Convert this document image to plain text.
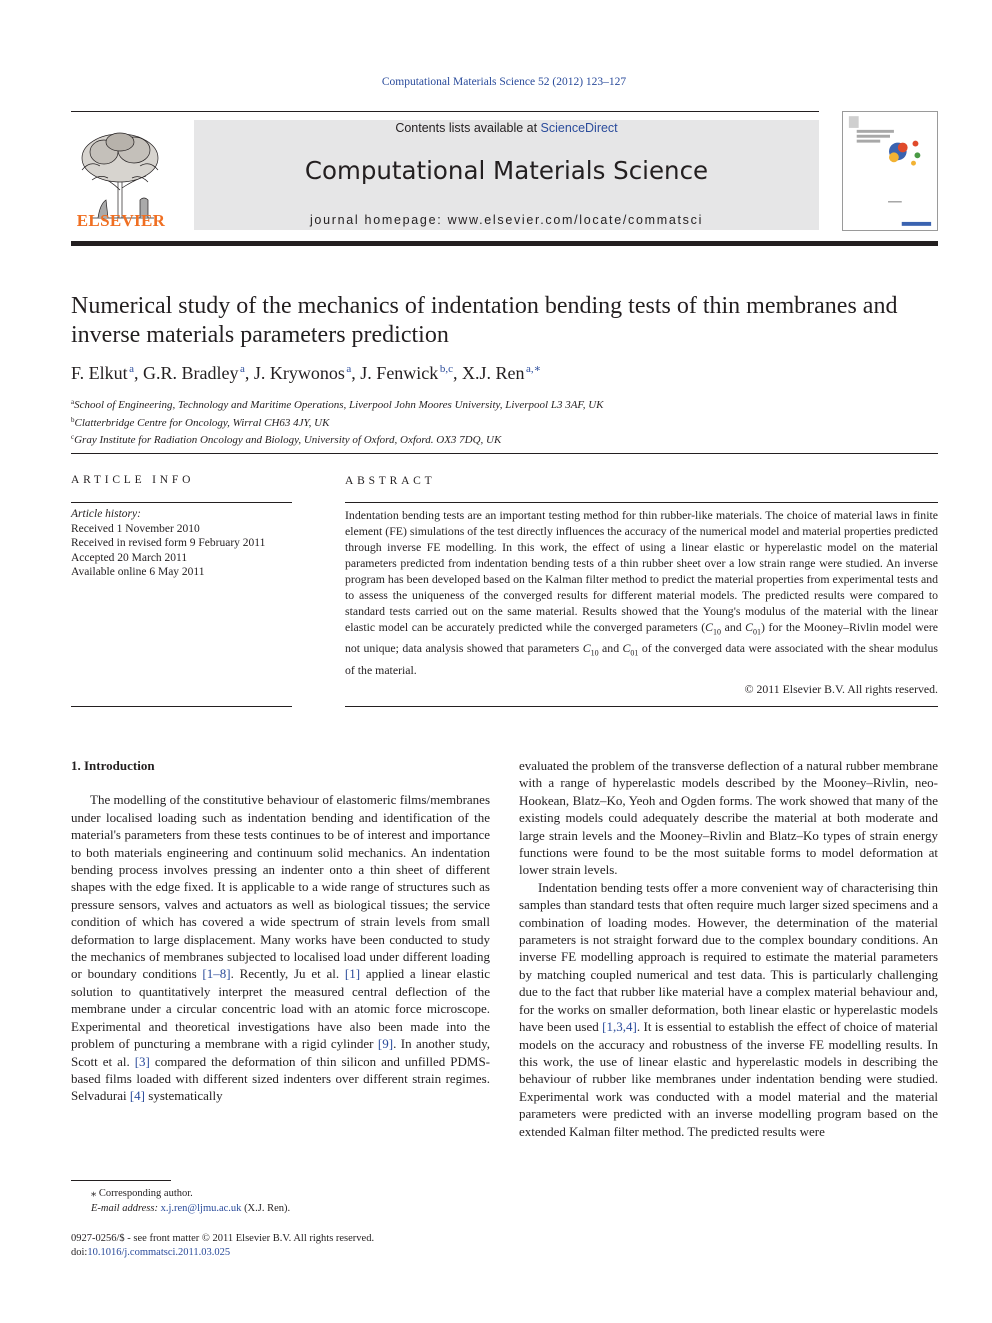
Computational Materials Science 52 (2012) 123–127
ELSEVIER
Contents lists available at ScienceDirect
Computational Materials Science
journal homepage: www.elsevier.com/locate/commatsci
Numerical study of the mechanics of indentation bending tests of thin membranes and inverse materials parameters prediction
F. Elkut  $^a$, G.R. Bradley  $^a$, J. Krywonos  $^a$, J. Fenwick  $^{b,c}$, X.J. Ren  $^{a,∗}$
$^a$School of Engineering, Technology and Maritime Operations, Liverpool John Moores University, Liverpool L3 3AF, UK
$^b$Clatterbridge Centre for Oncology, Wirral CH63 4JY, UK
$^c$Gray Institute for Radiation Oncology and Biology, University of Oxford, Oxford. OX3 7DQ, UK
ARTICLE INFO
Article history:
Received 1 November 2010
Received in revised form 9 February 2011
Accepted 20 March 2011
Available online 6 May 2011
ABSTRACT
Indentation bending tests are an important testing method for thin rubber-like materials. The choice of material laws in finite element (FE) simulations of the test directly influences the accuracy of the numerical model and material properties predicted through inverse FE modelling. In this work, the effect of using a linear elastic or hyperelastic model on the material parameters predicted from indentation bending tests of a thin rubber sheet over a low strain range were studied. An inverse program has been developed based on the Kalman filter method to predict the material properties from experimental tests and to assess the uniqueness of the converged results for different material models. The predicted results were compared to standard tests carried out on the same material. Results showed that the Young's modulus of the material with the linear elastic model can be accurately predicted while the converged parameters ($C_{10}$ and $C_{01}$) for the Mooney–Rivlin model were not unique; data analysis showed that parameters $C_{10}$ and $C_{01}$ of the converged data were associated with the shear modulus of the material.
© 2011 Elsevier B.V. All rights reserved.
1. Introduction

The modelling of the constitutive behaviour of elastomeric films/membranes under localised loading such as indentation bending and identification of the material's parameters from these tests continues to be of interest and importance to both materials engineering and continuum solid mechanics. An indentation bending process involves pressing an indenter onto a thin sheet of different shapes with the edge fixed. It is applicable to a wide range of structures such as pressure sensors, valves and actuators as well as biological tissues; the service condition of which has covered a wide spectrum of strain levels from small deformation to large displacement. Many works have been conducted to study the mechanics of membranes subjected to localised load under different loading or boundary conditions [1–8]. Recently, Ju et al. [1] applied a linear elastic solution to quantitatively interpret the measured central deflection of the membrane under a circular concentric load with an atomic force microscope. Experimental and theoretical investigations have also been made into the problem of puncturing a membrane with a rigid cylinder [9]. In another study, Scott et al. [3] compared the deformation of thin silicon and unfilled PDMS-based films loaded with different sized indenters over different strain regimes. Selvadurai [4] systematically

evaluated the problem of the transverse deflection of a natural rubber membrane with a range of hyperelastic models described by the Mooney–Rivlin, neo-Hookean, Blatz–Ko, Yeoh and Ogden forms. The work showed that many of the existing models could adequately describe the material at both moderate and large strain levels and the Mooney–Rivlin and Blatz–Ko types of strain energy functions were found to be the most suitable forms to model deformation at lower strain levels.

Indentation bending tests offer a more convenient way of characterising thin samples than standard tests that often require much larger sized specimens and a combination of loading modes. However, the determination of the material parameters is not straight forward due to the complex boundary conditions. An inverse FE modelling approach is required to estimate the material parameters by matching coupled numerical and test data. This is particularly challenging due to the fact that rubber like material have a complex material behaviour and, for the works on smaller deformation, both linear elastic or hyperelastic models have been used [1,3,4]. It is essential to establish the effect of choice of material models on the accuracy and robustness of the inverse FE modelling results. In this work, the use of linear elastic and hyperelastic models in describing the behaviour of rubber like membranes under indentation bending were studied. Experimental work was conducted with a model material and the material parameters were predicted with an inverse modelling program based on the extended Kalman filter method. The predicted results were

⁎ Corresponding author.
E-mail address: x.j.ren@ljmu.ac.uk (X.J. Ren).
0927-0256/$ - see front matter © 2011 Elsevier B.V. All rights reserved.
doi:10.1016/j.commatsci.2011.03.025
